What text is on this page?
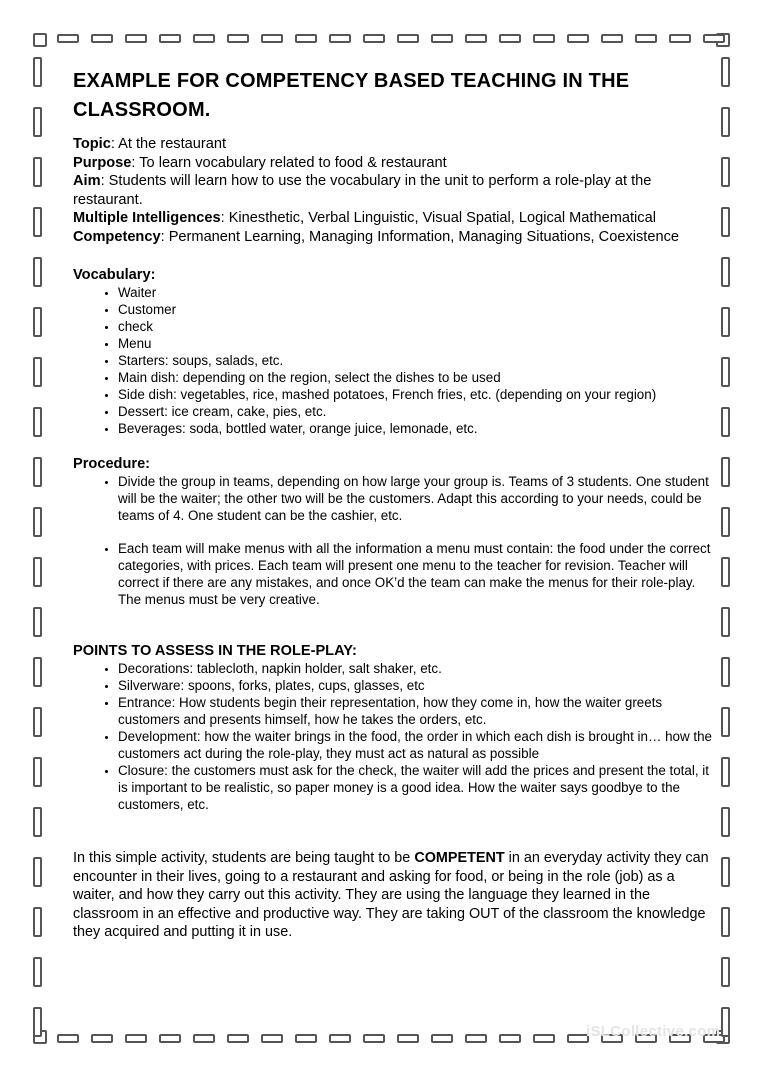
EXAMPLE FOR COMPETENCY BASED TEACHING IN THE CLASSROOM.

Topic: At the restaurant

Purpose: To learn vocabulary related to food & restaurant

Aim: Students will learn how to use the vocabulary in the unit to perform a role-play at the restaurant.

Multiple Intelligences: Kinesthetic, Verbal Linguistic, Visual Spatial, Logical Mathematical

Competency: Permanent Learning, Managing Information, Managing Situations, Coexistence

Vocabulary:

• Waiter
• Customer
• check
• Menu
• Starters: soups, salads, etc.
• Main dish: depending on the region, select the dishes to be used
• Side dish: vegetables, rice, mashed potatoes, French fries, etc. (depending on your region)
• Dessert: ice cream, cake, pies, etc.
• Beverages: soda, bottled water, orange juice, lemonade, etc.

Procedure:

• Divide the group in teams, depending on how large your group is. Teams of 3 students. One student will be the waiter; the other two will be the customers. Adapt this according to your needs, could be teams of 4. One student can be the cashier, etc.
• Each team will make menus with all the information a menu must contain: the food under the correct categories, with prices. Each team will present one menu to the teacher for revision. Teacher will correct if there are any mistakes, and once OK’d the team can make the menus for their role-play. The menus must be very creative.

POINTS TO ASSESS IN THE ROLE-PLAY:

• Decorations: tablecloth, napkin holder, salt shaker, etc.
• Silverware: spoons, forks, plates, cups, glasses, etc
• Entrance: How students begin their representation, how they come in, how the waiter greets customers and presents himself, how he takes the orders, etc.
• Development: how the waiter brings in the food, the order in which each dish is brought in… how the customers act during the role-play, they must act as natural as possible
• Closure: the customers must ask for the check, the waiter will add the prices and present the total, it is important to be realistic, so paper money is a good idea. How the waiter says goodbye to the customers, etc.

In this simple activity, students are being taught to be COMPETENT in an everyday activity they can encounter in their lives, going to a restaurant and asking for food, or being in the role (job) as a waiter, and how they carry out this activity. They are using the language they learned in the classroom in an effective and productive way. They are taking OUT of the classroom the knowledge they acquired and putting it in use.

iSLCollective.com
